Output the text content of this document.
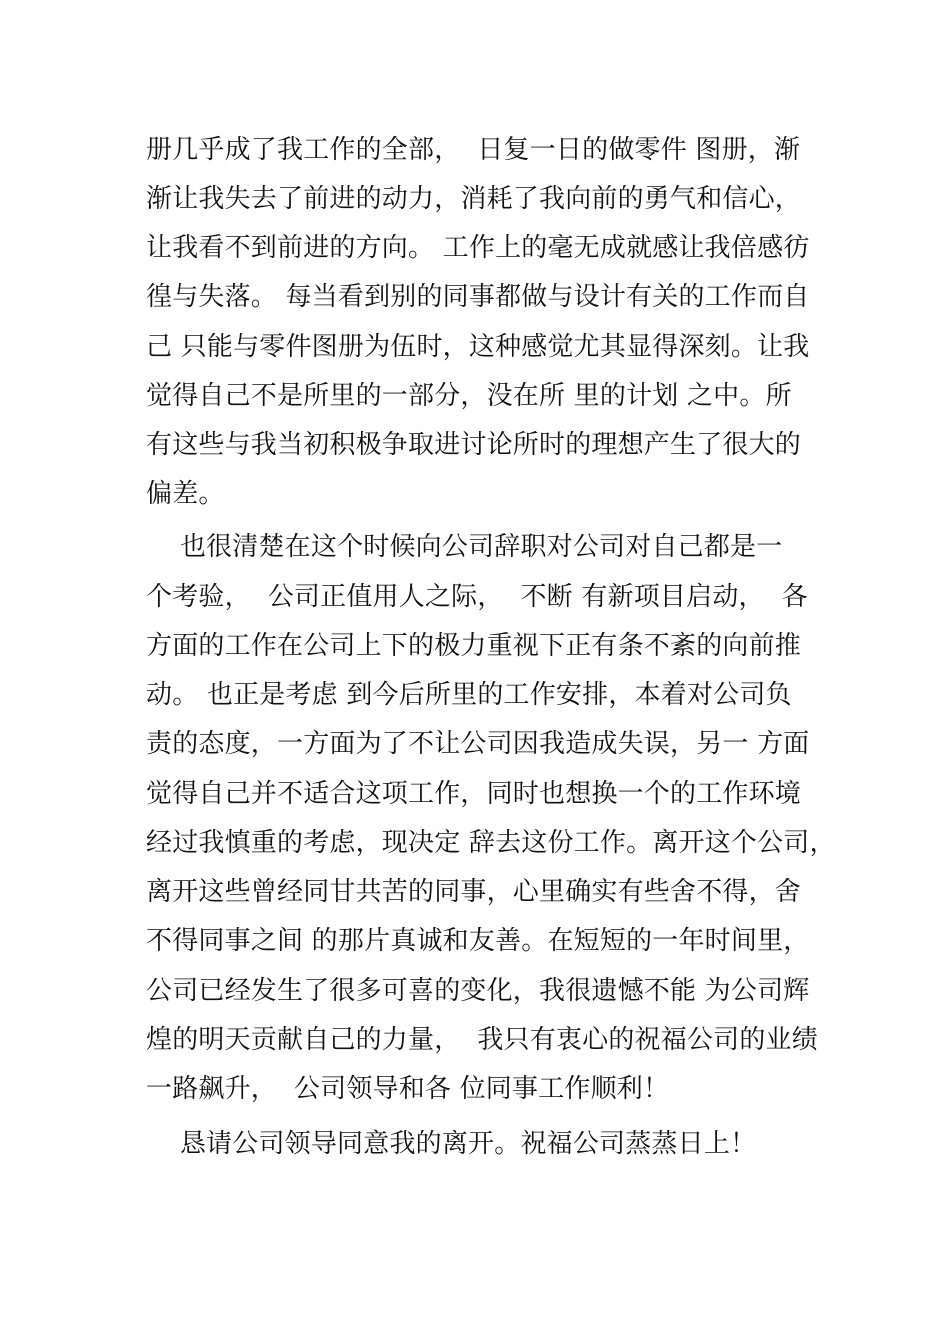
册几乎成了我工作的全部，  日复一日的做零件 图册，渐
渐让我失去了前进的动力，消耗了我向前的勇气和信心，
让我看不到前进的方向。 工作上的毫无成就感让我倍感彷
徨与失落。 每当看到别的同事都做与设计有关的工作而自
己 只能与零件图册为伍时，这种感觉尤其显得深刻。让我
觉得自己不是所里的一部分，没在所 里的计划 之中。所
有这些与我当初积极争取进讨论所时的理想产生了很大的
偏差。
也很清楚在这个时候向公司辞职对公司对自己都是一
个考验，  公司正值用人之际，  不断 有新项目启动，  各
方面的工作在公司上下的极力重视下正有条不紊的向前推
动。 也正是考虑 到今后所里的工作安排，本着对公司负
责的态度，一方面为了不让公司因我造成失误，另一 方面
觉得自己并不适合这项工作，同时也想换一个的工作环境
经过我慎重的考虑，现决定 辞去这份工作。离开这个公司，
离开这些曾经同甘共苦的同事，心里确实有些舍不得，舍
不得同事之间 的那片真诚和友善。在短短的一年时间里，
公司已经发生了很多可喜的变化，我很遗憾不能 为公司辉
煌的明天贡献自己的力量，  我只有衷心的祝福公司的业绩
一路飙升，  公司领导和各 位同事工作顺利！
恳请公司领导同意我的离开。祝福公司蒸蒸日上！
